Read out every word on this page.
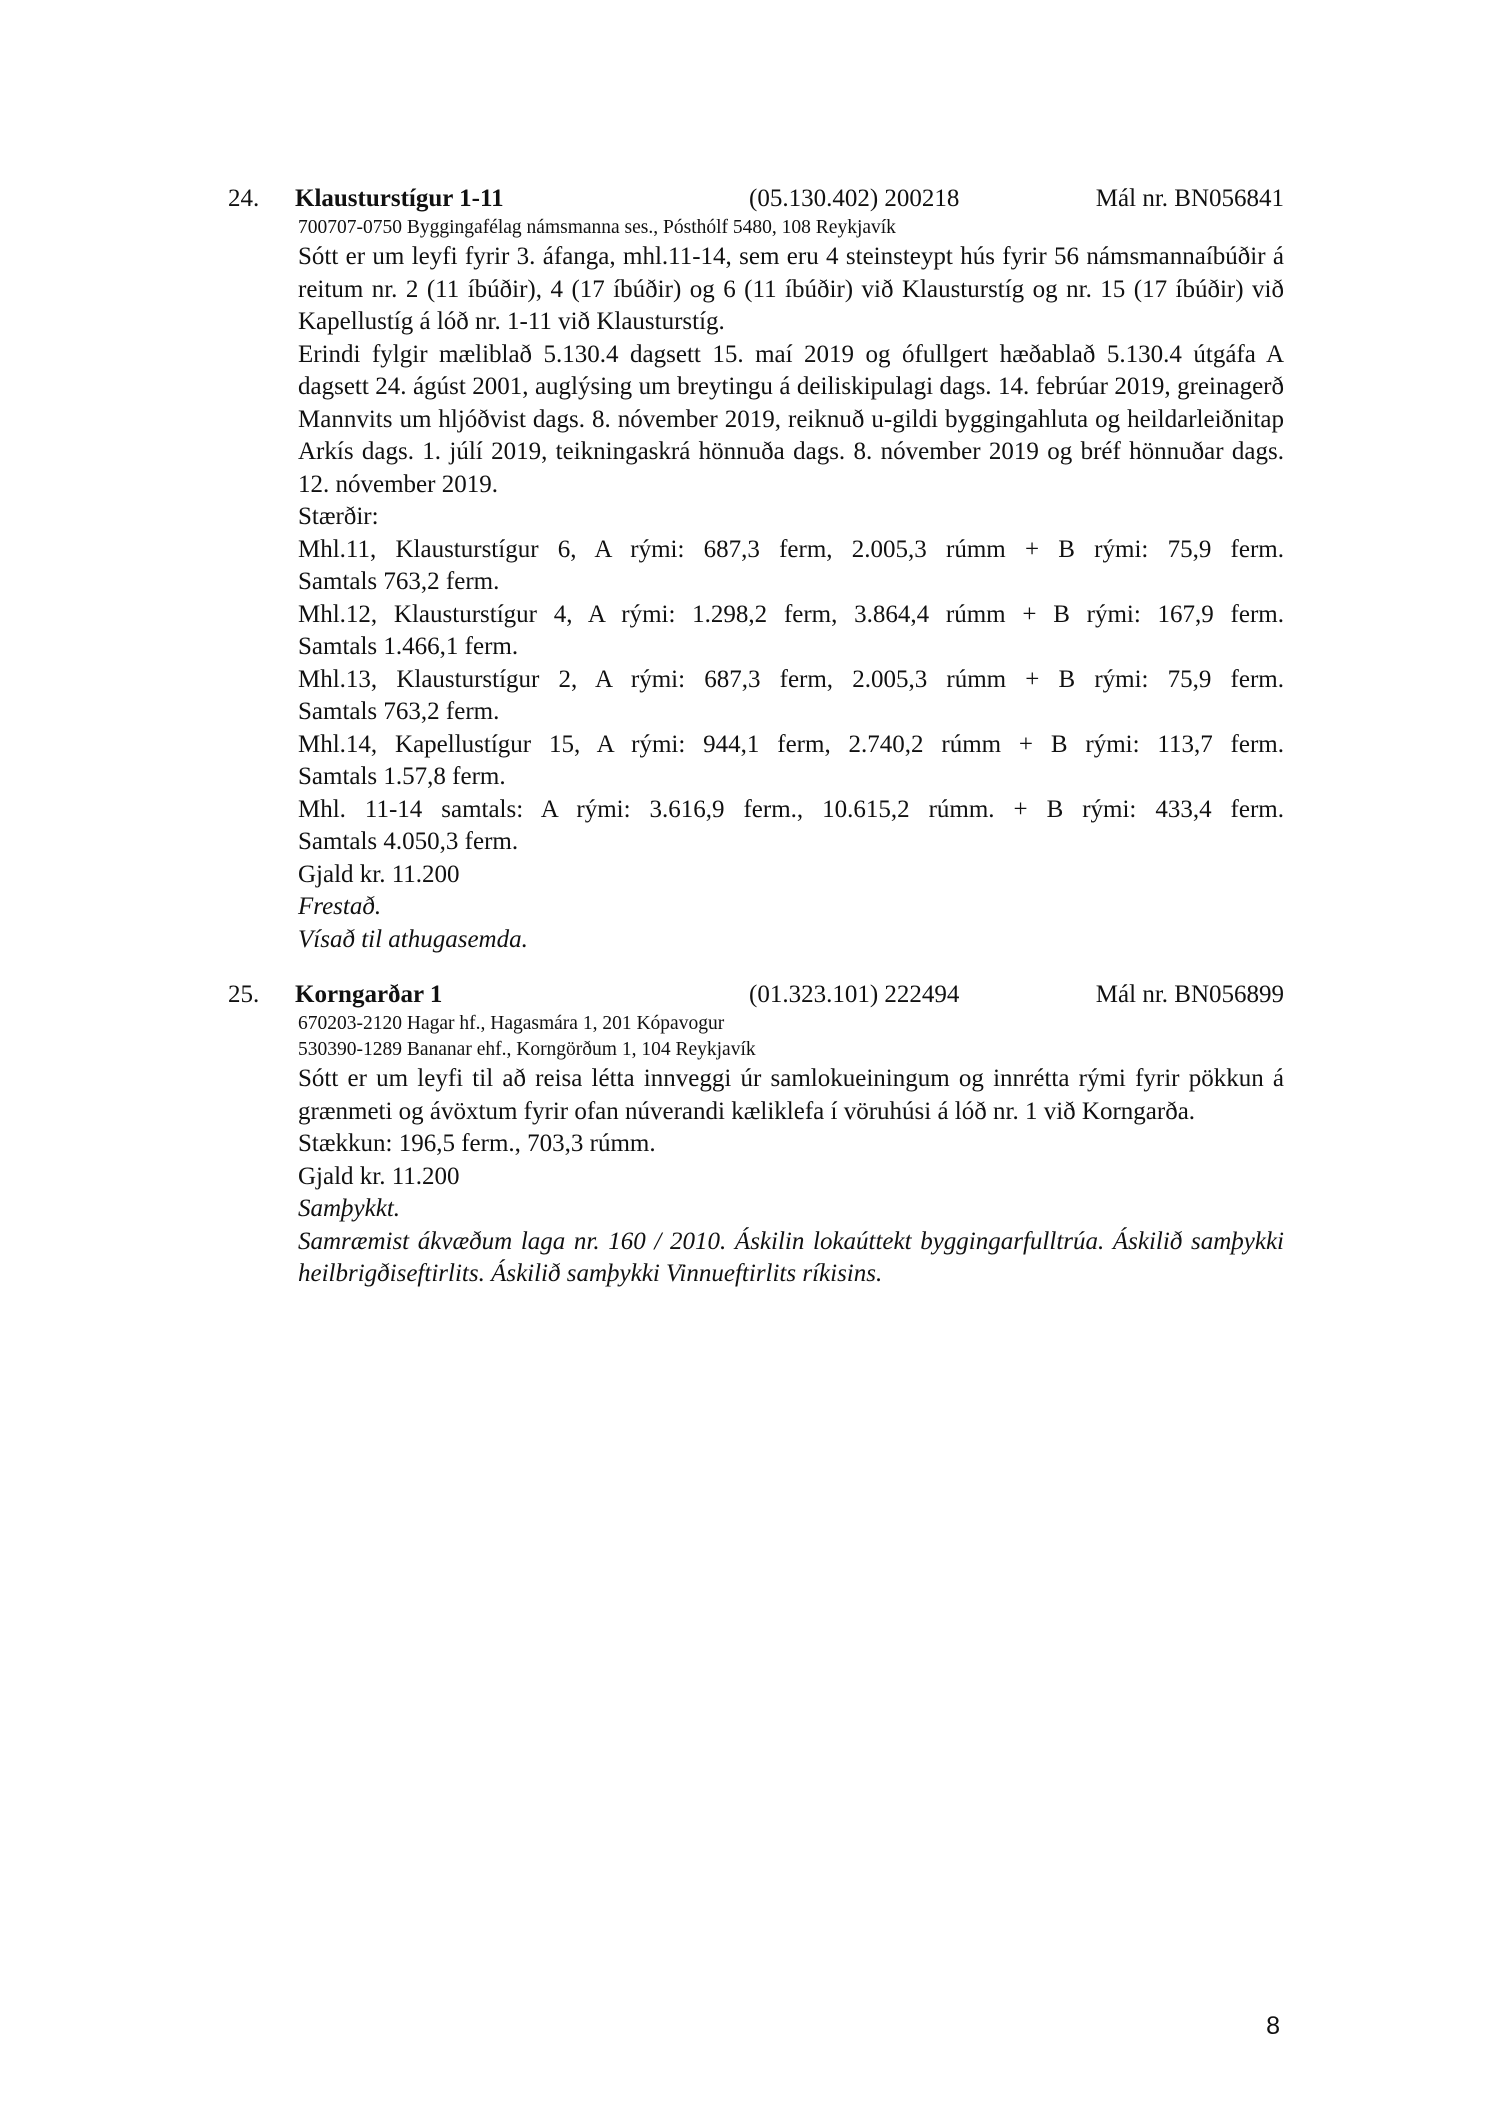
24. Klausturstígur 1-11	(05.130.402) 200218	Mál nr. BN056841

700707-0750 Byggingafélag námsmanna ses., Pósthólf 5480, 108 Reykjavík

Sótt er um leyfi fyrir 3. áfanga, mhl.11-14, sem eru 4 steinsteypt hús fyrir 56 námsmannaíbúðir á reitum nr. 2 (11 íbúðir), 4 (17 íbúðir) og 6 (11 íbúðir) við Klausturstíg og nr. 15 (17 íbúðir) við Kapellustíg á lóð nr. 1-11 við Klausturstíg.

Erindi fylgir mæliblað 5.130.4 dagsett 15. maí 2019 og ófullgert hæðablað 5.130.4 útgáfa A dagsett 24. ágúst 2001, auglýsing um breytingu á deiliskipulagi dags. 14. febrúar 2019, greinagerð Mannvits um hljóðvist dags. 8. nóvember 2019, reiknuð u-gildi byggingahluta og heildarleiðnitap Arkís dags. 1. júlí 2019, teikningaskrá hönnuða dags. 8. nóvember 2019 og bréf hönnuðar dags. 12. nóvember 2019.

Stærðir:

Mhl.11, Klausturstígur 6, A rými: 687,3 ferm, 2.005,3 rúmm + B rými: 75,9 ferm.
Samtals 763,2 ferm.
Mhl.12, Klausturstígur 4, A rými: 1.298,2 ferm, 3.864,4 rúmm + B rými: 167,9 ferm.
Samtals 1.466,1 ferm.
Mhl.13, Klausturstígur 2, A rými: 687,3 ferm, 2.005,3 rúmm + B rými: 75,9 ferm.
Samtals 763,2 ferm.
Mhl.14, Kapellustígur 15, A rými: 944,1 ferm, 2.740,2 rúmm + B rými: 113,7 ferm.
Samtals 1.57,8 ferm.
Mhl. 11-14 samtals: A rými: 3.616,9 ferm., 10.615,2 rúmm. + B rými: 433,4 ferm.
Samtals 4.050,3 ferm.

Gjald kr. 11.200

Frestað.

Vísað til athugasemda.

25. Korngarðar 1	(01.323.101) 222494	Mál nr. BN056899

670203-2120 Hagar hf., Hagasmára 1, 201 Kópavogur

530390-1289 Bananar ehf., Korngörðum 1, 104 Reykjavík

Sótt er um leyfi til að reisa létta innveggi úr samlokueiningum og innrétta rými fyrir pökkun á grænmeti og ávöxtum fyrir ofan núverandi kæliklefa í vöruhúsi á lóð nr. 1 við Korngarða.

Stækkun: 196,5 ferm., 703,3 rúmm.

Gjald kr. 11.200

Samþykkt.

Samræmist ákvæðum laga nr. 160 / 2010. Áskilin lokaúttekt byggingarfulltrúa. Áskilið samþykki heilbrigðiseftirlits. Áskilið samþykki Vinnueftirlits ríkisins.

8
